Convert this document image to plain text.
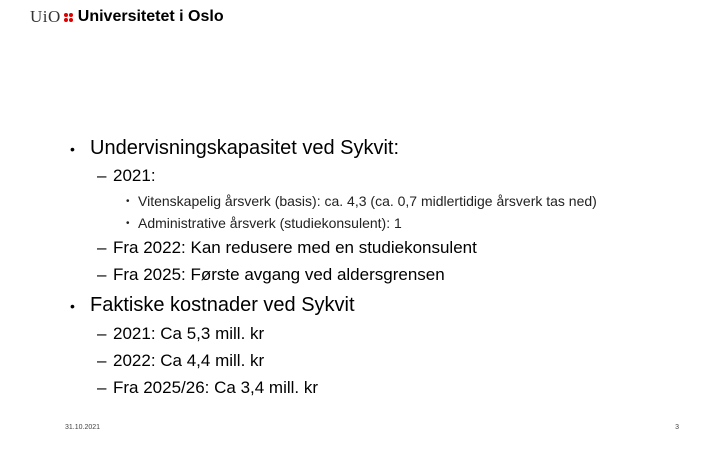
UiO Universitetet i Oslo
• Undervisningskapasitet ved Sykvit:
– 2021:
• Vitenskapelig årsverk (basis): ca. 4,3 (ca. 0,7 midlertidige årsverk tas ned)
• Administrative årsverk (studiekonsulent): 1
– Fra 2022: Kan redusere med en studiekonsulent
– Fra 2025: Første avgang ved aldersgrensen
• Faktiske kostnader ved Sykvit
– 2021: Ca 5,3 mill. kr
– 2022: Ca 4,4 mill. kr
– Fra 2025/26: Ca 3,4 mill. kr
31.10.2021	3
